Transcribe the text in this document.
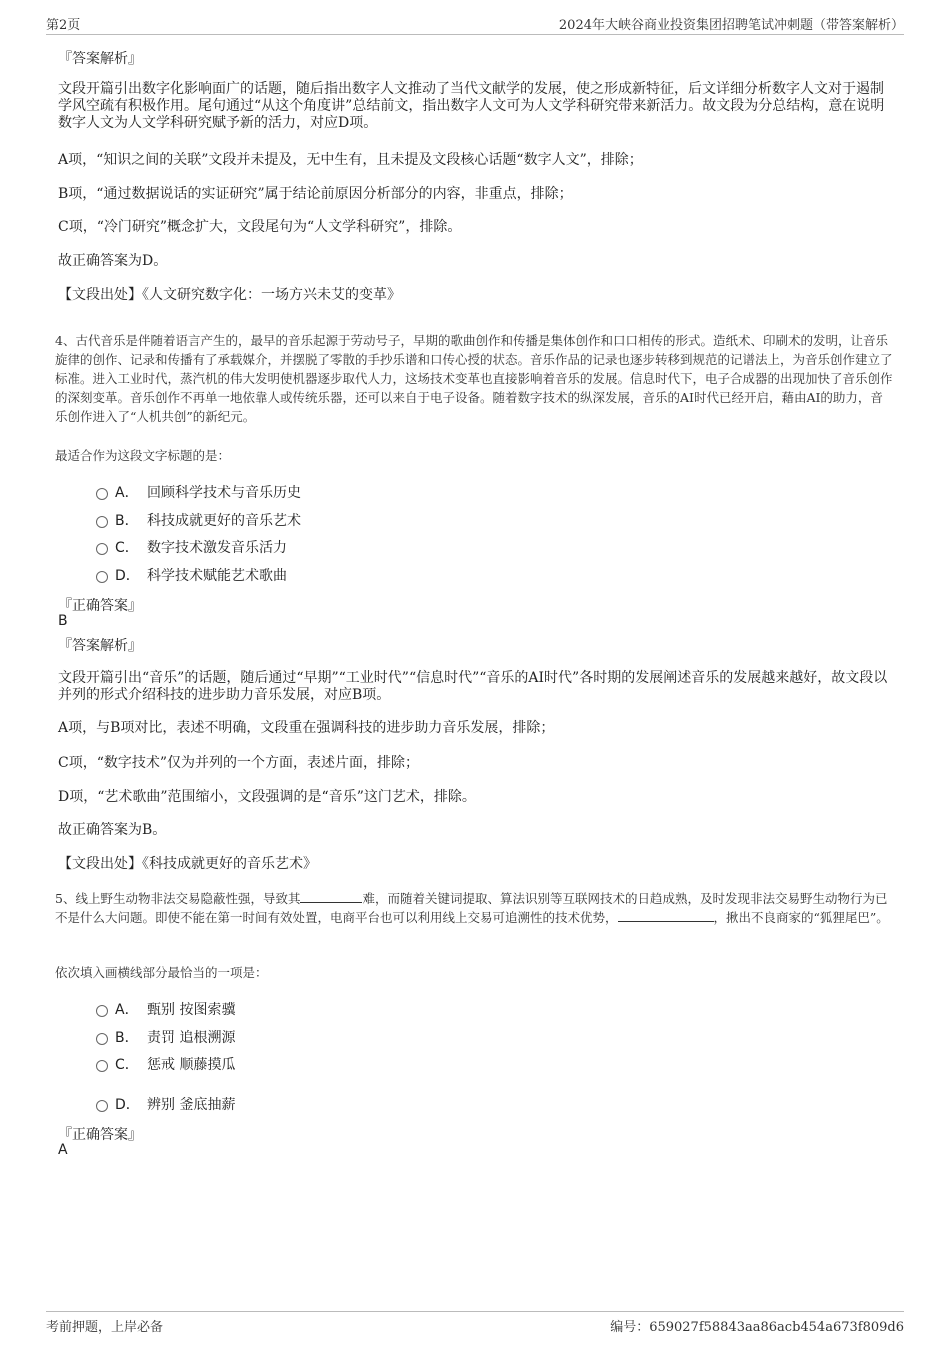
第2页	2024年大峡谷商业投资集团招聘笔试冲刺题（带答案解析）

『答案解析』

文段开篇引出数字化影响面广的话题，随后指出数字人文推动了当代文献学的发展，使之形成新特征，后文详细分析数字人文对于遏制学风空疏有积极作用。尾句通过“从这个角度讲”总结前文，指出数字人文可为人文学科研究带来新活力。故文段为分总结构，意在说明数字人文为人文学科研究赋予新的活力，对应D项。

A项，“知识之间的关联”文段并未提及，无中生有，且未提及文段核心话题“数字人文”，排除；

B项，“通过数据说话的实证研究”属于结论前原因分析部分的内容，非重点，排除；

C项，“冷门研究”概念扩大，文段尾句为“人文学科研究”，排除。

故正确答案为D。

【文段出处】《人文研究数字化：一场方兴未艾的变革》

4、古代音乐是伴随着语言产生的，最早的音乐起源于劳动号子，早期的歌曲创作和传播是集体创作和口口相传的形式。造纸术、印刷术的发明，让音乐旋律的创作、记录和传播有了承载媒介，并摆脱了零散的手抄乐谱和口传心授的状态。音乐作品的记录也逐步转移到规范的记谱法上，为音乐创作建立了标准。进入工业时代，蒸汽机的伟大发明使机器逐步取代人力，这场技术变革也直接影响着音乐的发展。信息时代下，电子合成器的出现加快了音乐创作的深刻变革。音乐创作不再单一地依靠人或传统乐器，还可以来自于电子设备。随着数字技术的纵深发展，音乐的AI时代已经开启，藉由AI的助力，音乐创作进入了“人机共创”的新纪元。

最适合作为这段文字标题的是：

A． 回顾科学技术与音乐历史
B． 科技成就更好的音乐艺术
C． 数字技术激发音乐活力
D． 科学技术赋能艺术歌曲

『正确答案』

B

『答案解析』

文段开篇引出“音乐”的话题，随后通过“早期”“工业时代”“信息时代”“音乐的AI时代”各时期的发展阐述音乐的发展越来越好，故文段以并列的形式介绍科技的进步助力音乐发展，对应B项。

A项，与B项对比，表述不明确，文段重在强调科技的进步助力音乐发展，排除；

C项，“数字技术”仅为并列的一个方面，表述片面，排除；

D项，“艺术歌曲”范围缩小，文段强调的是“音乐”这门艺术，排除。

故正确答案为B。

【文段出处】《科技成就更好的音乐艺术》

5、线上野生动物非法交易隐蔽性强，导致其	难，而随着关键词提取、算法识别等互联网技术的日趋成熟，及时发现非法交易野生动物行为已不是什么大问题。即使不能在第一时间有效处置，电商平台也可以利用线上交易可追溯性的技术优势，	，揪出不良商家的“狐狸尾巴”。

依次填入画横线部分最恰当的一项是：

A． 甄别 按图索骥
B． 责罚 追根溯源
C． 惩戒 顺藤摸瓜
D． 辨别 釜底抽薪

『正确答案』

A

考前押题，上岸必备	编号：659027f58843aa86acb454a673f809d6
